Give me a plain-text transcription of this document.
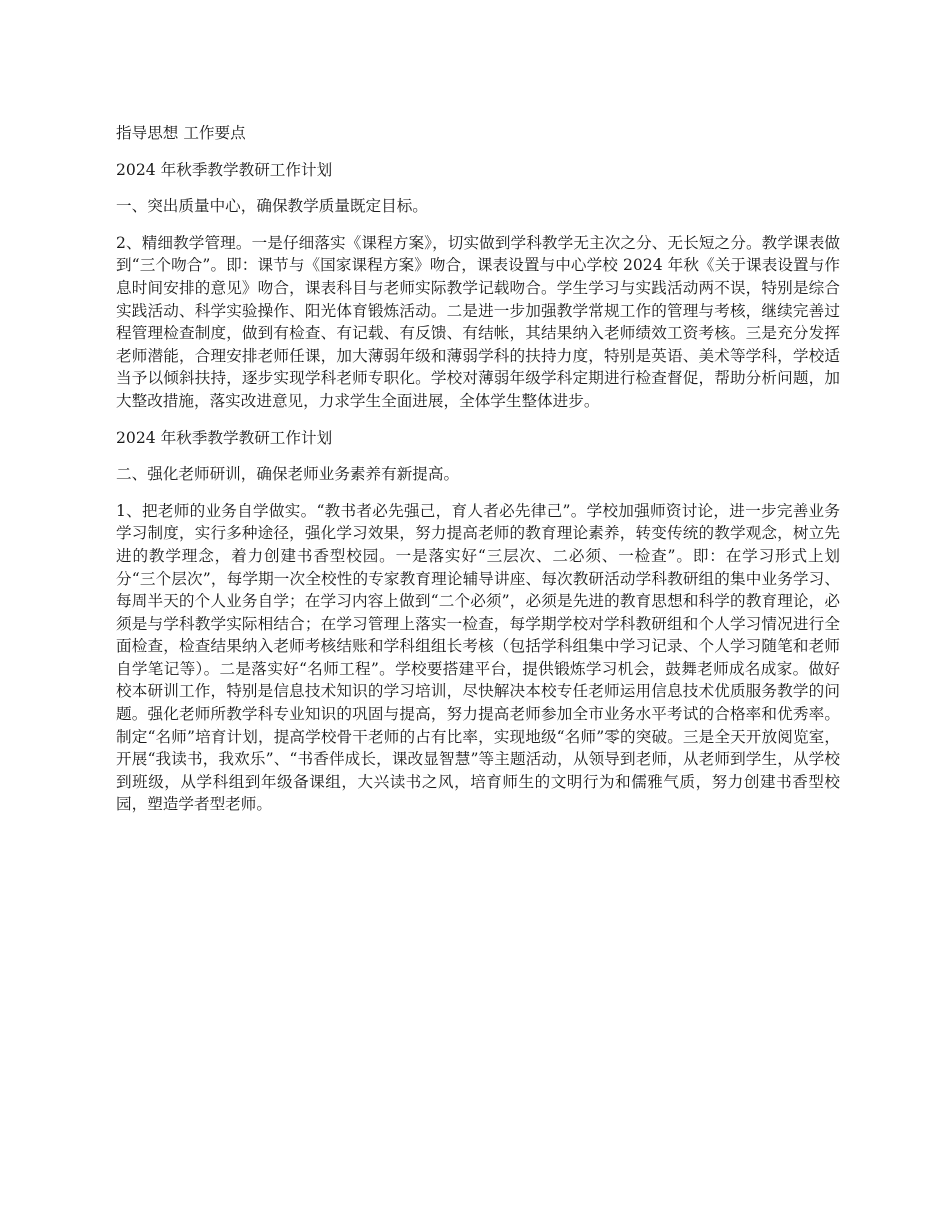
指导思想 工作要点

2024 年秋季教学教研工作计划

一、突出质量中心，确保教学质量既定目标。

2、精细教学管理。一是仔细落实《课程方案》，切实做到学科教学无主次之分、无长短之分。教学课表做到“三个吻合”。即：课节与《国家课程方案》吻合，课表设置与中心学校 2024 年秋《关于课表设置与作息时间安排的意见》吻合，课表科目与老师实际教学记载吻合。学生学习与实践活动两不误，特别是综合实践活动、科学实验操作、阳光体育锻炼活动。二是进一步加强教学常规工作的管理与考核，继续完善过程管理检查制度，做到有检查、有记载、有反馈、有结帐，其结果纳入老师绩效工资考核。三是充分发挥老师潜能，合理安排老师任课，加大薄弱年级和薄弱学科的扶持力度，特别是英语、美术等学科，学校适当予以倾斜扶持，逐步实现学科老师专职化。学校对薄弱年级学科定期进行检查督促，帮助分析问题，加大整改措施，落实改进意见，力求学生全面进展，全体学生整体进步。

2024 年秋季教学教研工作计划

二、强化老师研训，确保老师业务素养有新提高。

1、把老师的业务自学做实。“教书者必先强己，育人者必先律己”。学校加强师资讨论，进一步完善业务学习制度，实行多种途径，强化学习效果，努力提高老师的教育理论素养，转变传统的教学观念，树立先进的教学理念，着力创建书香型校园。一是落实好“三层次、二必须、一检查”。即：在学习形式上划分“三个层次”，每学期一次全校性的专家教育理论辅导讲座、每次教研活动学科教研组的集中业务学习、每周半天的个人业务自学；在学习内容上做到“二个必须”，必须是先进的教育思想和科学的教育理论，必须是与学科教学实际相结合；在学习管理上落实一检查，每学期学校对学科教研组和个人学习情况进行全面检查，检查结果纳入老师考核结账和学科组组长考核（包括学科组集中学习记录、个人学习随笔和老师自学笔记等）。二是落实好“名师工程”。学校要搭建平台，提供锻炼学习机会，鼓舞老师成名成家。做好校本研训工作，特别是信息技术知识的学习培训，尽快解决本校专任老师运用信息技术优质服务教学的问题。强化老师所教学科专业知识的巩固与提高，努力提高老师参加全市业务水平考试的合格率和优秀率。制定“名师”培育计划，提高学校骨干老师的占有比率，实现地级“名师”零的突破。三是全天开放阅览室，开展“我读书，我欢乐”、“书香伴成长，课改显智慧”等主题活动，从领导到老师，从老师到学生，从学校到班级，从学科组到年级备课组，大兴读书之风，培育师生的文明行为和儒雅气质，努力创建书香型校园，塑造学者型老师。
